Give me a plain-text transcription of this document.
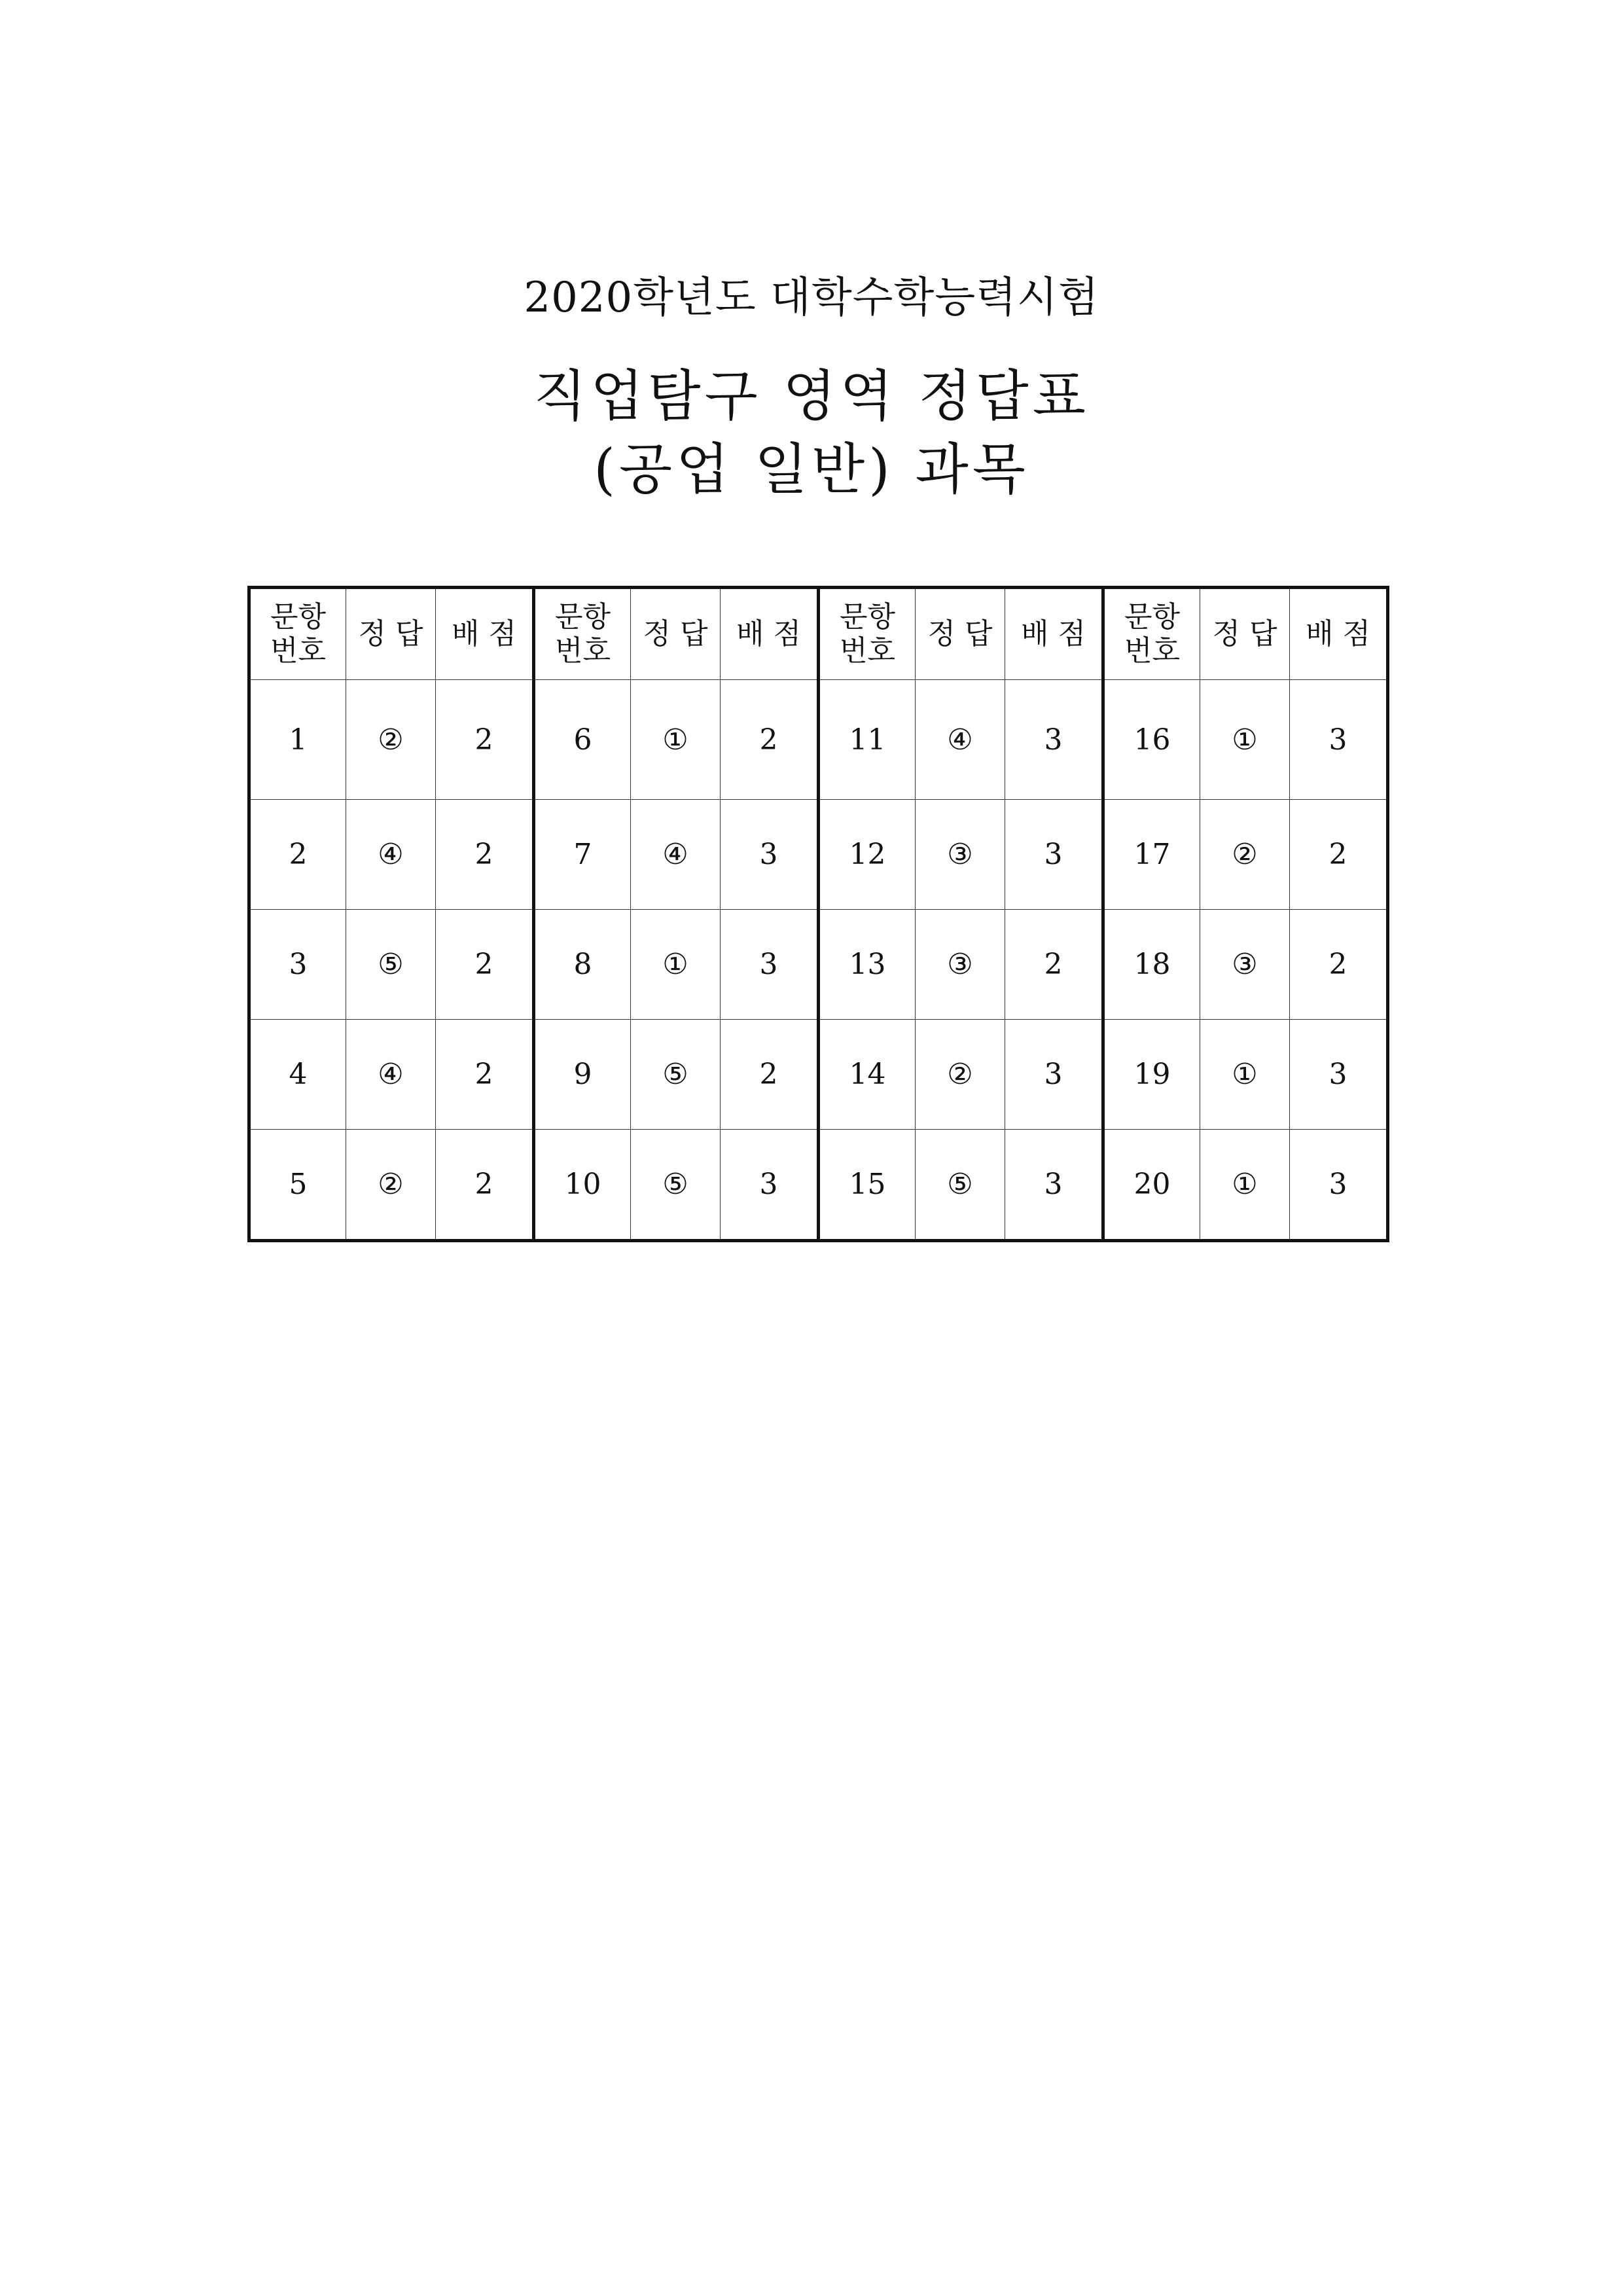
2020학년도 대학수학능력시험
직업탐구 영역 정답표
(공업 일반) 과목
문항
번호	정 답	배 점	문항
번호	정 답	배 점	문항
번호	정 답	배 점	문항
번호	정 답	배 점
1	②	2	6	①	2	11	④	3	16	①	3
2	④	2	7	④	3	12	③	3	17	②	2
3	⑤	2	8	①	3	13	③	2	18	③	2
4	④	2	9	⑤	2	14	②	3	19	①	3
5	②	2	10	⑤	3	15	⑤	3	20	①	3
